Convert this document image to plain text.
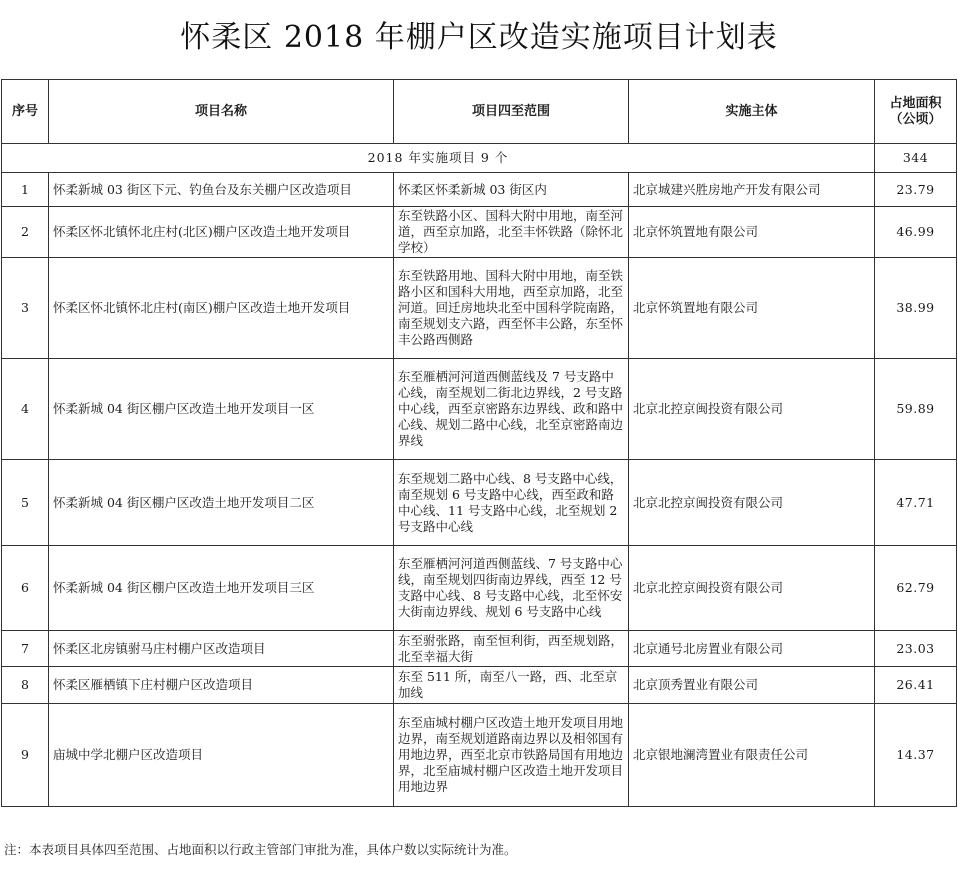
怀柔区 2018 年棚户区改造实施项目计划表
序号	项目名称	项目四至范围	实施主体	占地面积
（公顷）

2018 年实施项目 9 个				344
1	怀柔新城 03 街区下元、钓鱼台及东关棚户区改造项目	怀柔区怀柔新城 03 街区内	北京城建兴胜房地产开发有限公司	23.79
2	怀柔区怀北镇怀北庄村(北区)棚户区改造土地开发项目	东至铁路小区、国科大附中用地，南至河道，西至京加路，北至丰怀铁路（除怀北学校）	北京怀筑置地有限公司	46.99
3	怀柔区怀北镇怀北庄村(南区)棚户区改造土地开发项目	东至铁路用地、国科大附中用地，南至铁路小区和国科大用地，西至京加路，北至河道。回迁房地块北至中国科学院南路，南至规划支六路，西至怀丰公路，东至怀丰公路西侧路	北京怀筑置地有限公司	38.99
4	怀柔新城 04 街区棚户区改造土地开发项目一区	东至雁栖河河道西侧蓝线及 7 号支路中心线，南至规划二街北边界线，2 号支路中心线，西至京密路东边界线、政和路中心线、规划二路中心线，北至京密路南边界线	北京北控京闽投资有限公司	59.89
5	怀柔新城 04 街区棚户区改造土地开发项目二区	东至规划二路中心线、8 号支路中心线，南至规划 6 号支路中心线，西至政和路中心线、11 号支路中心线，北至规划 2 号支路中心线	北京北控京闽投资有限公司	47.71
6	怀柔新城 04 街区棚户区改造土地开发项目三区	东至雁栖河河道西侧蓝线、7 号支路中心线，南至规划四街南边界线，西至 12 号支路中心线、8 号支路中心线，北至怀安大街南边界线、规划 6 号支路中心线	北京北控京闽投资有限公司	62.79
7	怀柔区北房镇驸马庄村棚户区改造项目	东至驸张路，南至恒利街，西至规划路，北至幸福大街	北京通号北房置业有限公司	23.03
8	怀柔区雁栖镇下庄村棚户区改造项目	东至 511 所，南至八一路，西、北至京加线	北京顶秀置业有限公司	26.41
9	庙城中学北棚户区改造项目	东至庙城村棚户区改造土地开发项目用地边界，南至规划道路南边界以及相邻国有用地边界，西至北京市铁路局国有用地边界，北至庙城村棚户区改造土地开发项目用地边界	北京银地澜湾置业有限责任公司	14.37
注：本表项目具体四至范围、占地面积以行政主管部门审批为准，具体户数以实际统计为准。
